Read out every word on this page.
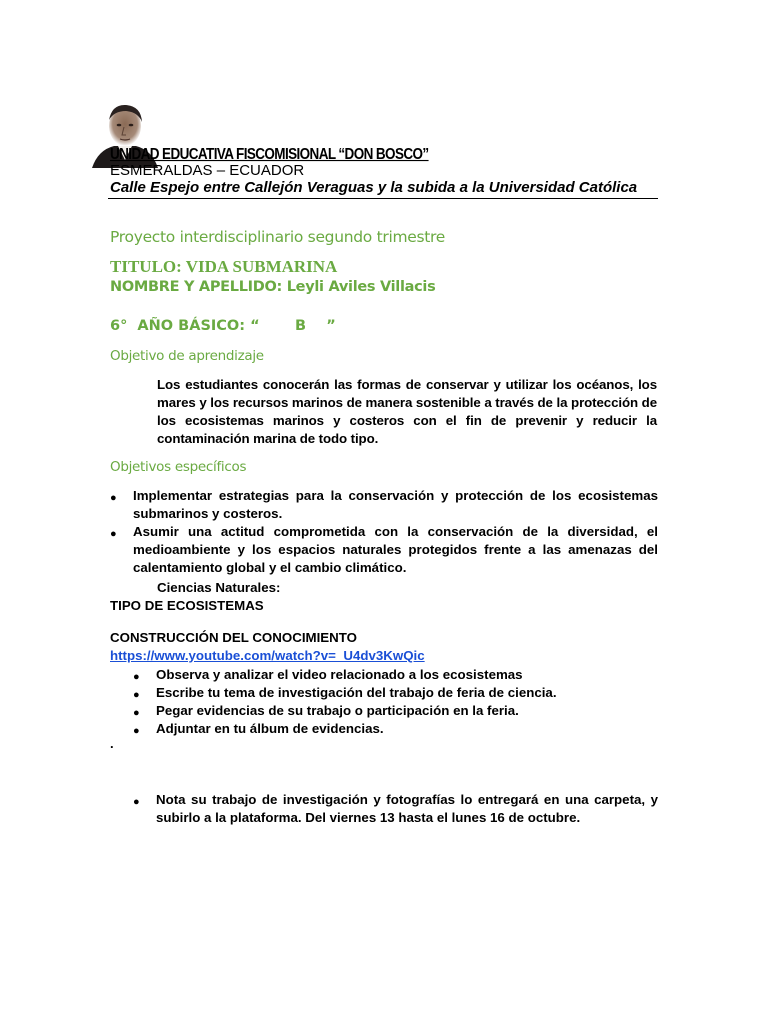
UNIDAD EDUCATIVA FISCOMISIONAL “DON BOSCO”
ESMERALDAS – ECUADOR
Calle Espejo entre Callejón Veraguas y la subida a la Universidad Católica
Proyecto interdisciplinario segundo trimestre
TITULO: VIDA SUBMARINA
NOMBRE Y APELLIDO: Leyli Aviles Villacis
6°  AÑO BÁSICO: “       B    ”
Objetivo de aprendizaje
Los estudiantes conocerán las formas de conservar y utilizar los océanos, los mares y los recursos marinos de manera sostenible a través de la protección de los ecosistemas marinos y costeros con el fin de prevenir y reducir la contaminación marina de todo tipo.
Objetivos específicos
● Implementar estrategias para la conservación y protección de los ecosistemas submarinos y costeros.
● Asumir una actitud comprometida con la conservación de la diversidad, el medioambiente y los espacios naturales protegidos frente a las amenazas del calentamiento global y el cambio climático.
Ciencias Naturales:
TIPO DE ECOSISTEMAS
CONSTRUCCIÓN DEL CONOCIMIENTO
https://www.youtube.com/watch?v=_U4dv3KwQic
● Observa y analizar el video relacionado a los ecosistemas
● Escribe tu tema de investigación del trabajo de feria de ciencia.
● Pegar evidencias de su trabajo o participación en la feria.
● Adjuntar en tu álbum de evidencias.
.
● Nota su trabajo de investigación y fotografías lo entregará en una carpeta, y subirlo a la plataforma. Del viernes 13 hasta el lunes 16 de octubre.
